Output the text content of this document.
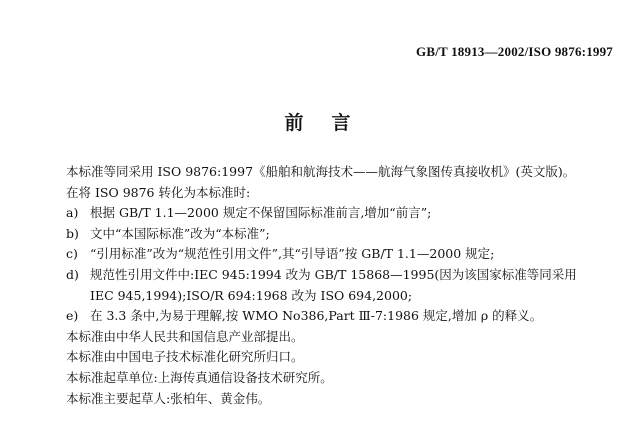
GB/T 18913—2002/ISO 9876:1997
前言
本标准等同采用 ISO 9876:1997《船舶和航海技术——航海气象图传真接收机》(英文版)。
在将 ISO 9876 转化为本标准时:
a) 根据 GB/T 1.1—2000 规定不保留国际标准前言,增加“前言”;
b) 文中“本国际标准”改为“本标准”;
c) “引用标准”改为“规范性引用文件”,其“引导语”按 GB/T 1.1—2000 规定;
d) 规范性引用文件中:IEC 945:1994 改为 GB/T 15868—1995(因为该国家标准等同采用
IEC 945,1994);ISO/R 694:1968 改为 ISO 694,2000;
e) 在 3.3 条中,为易于理解,按 WMO No386,Part Ⅲ-7:1986 规定,增加 ρ 的释义。
本标准由中华人民共和国信息产业部提出。
本标准由中国电子技术标准化研究所归口。
本标准起草单位:上海传真通信设备技术研究所。
本标准主要起草人:张柏年、黄金伟。
